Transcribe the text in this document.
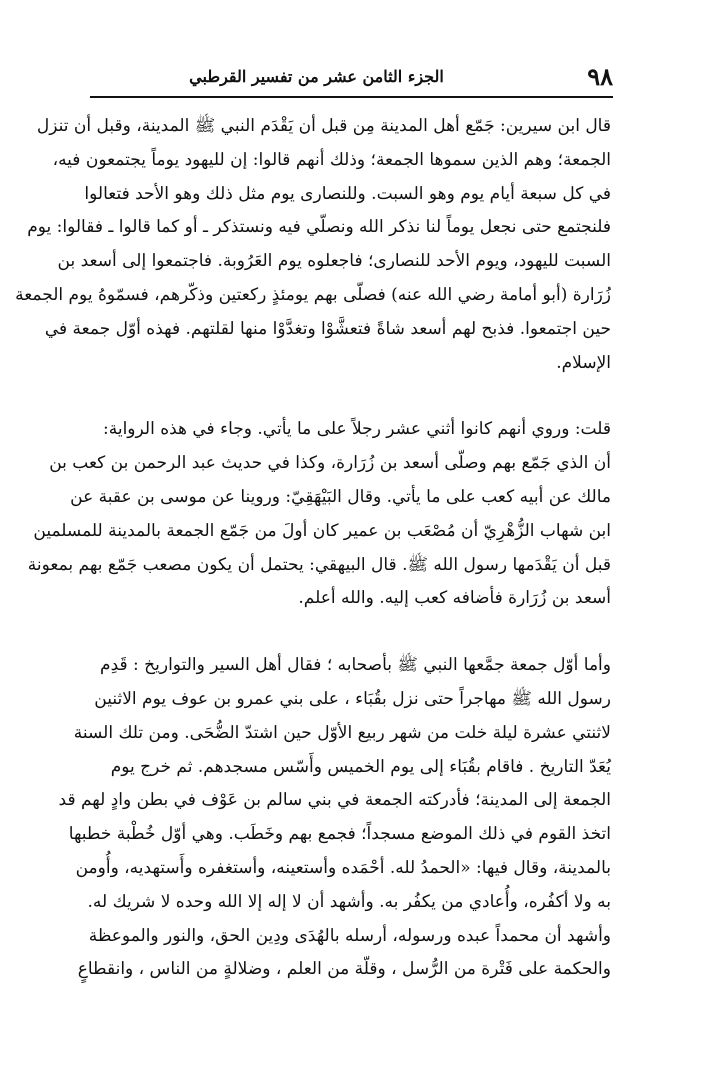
٩٨
الجزء الثامن عشر من تفسير القرطبي

قال ابن سيرين: جَمّع أهل المدينة مِن قبل أن يَقْدَم النبي ﷺ المدينة، وقبل أن تنزل
الجمعة؛ وهم الذين سموها الجمعة؛ وذلك أنهم قالوا: إن لليهود يوماً يجتمعون فيه،
في كل سبعة أيام يوم وهو السبت. وللنصارى يوم مثل ذلك وهو الأحد فتعالوا
فلنجتمع حتى نجعل يوماً لنا نذكر الله ونصلّي فيه ونستذكر ـ أو كما قالوا ـ فقالوا: يوم
السبت لليهود، ويوم الأحد للنصارى؛ فاجعلوه يوم العَرُوبة. فاجتمعوا إلى أسعد بن
زُرَارة (أبو أمامة رضي الله عنه) فصلّى بهم يومئذٍ ركعتين وذكّرهم، فسمّوهُ يوم الجمعة
حين اجتمعوا. فذبح لهم أسعد شاةً فتعشَّوْا وتغدَّوْا منها لقلتهم. فهذه أوّل جمعة في
الإسلام.

قلت: وروي أنهم كانوا أثني عشر رجلاً على ما يأتي. وجاء في هذه الرواية:
أن الذي جَمّع بهم وصلّى أسعد بن زُرَارة، وكذا في حديث عبد الرحمن بن كعب بن
مالك عن أبيه كعب على ما يأتي. وقال البَيْهَقِيّ: وروينا عن موسى بن عقبة عن
ابن شهاب الزُّهْرِيّ أن مُصْعَب بن عمير كان أولَ من جَمّع الجمعة بالمدينة للمسلمين
قبل أن يَقْدَمها رسول الله ﷺ. قال البيهقي: يحتمل أن يكون مصعب جَمّع بهم بمعونة
أسعد بن زُرَارة فأضافه كعب إليه. والله أعلم.

وأما أوّل جمعة جمَّعها النبي ﷺ بأصحابه ؛ فقال أهل السير والتواريخ : قَدِم
رسول الله ﷺ مهاجراً حتى نزل بقُبَاء ، على بني عمرو بن عوف يوم الاثنين
لاثنتي عشرة ليلة خلت من شهر ربيع الأوّل حين اشتدّ الضُّحَى. ومن تلك السنة
يُعَدّ التاريخ . فاقام بقُبَاء إلى يوم الخميس وأَسّس مسجدهم. ثم خرج يوم
الجمعة إلى المدينة؛ فأدركته الجمعة في بني سالم بن عَوْف في بطن وادٍ لهم قد
اتخذ القوم في ذلك الموضع مسجداً؛ فجمع بهم وخَطَب. وهي أوّل خُطْبة خطبها
بالمدينة، وقال فيها: «الحمدُ لله. أحْمَده وأستعينه، وأستغفره وأَستهديه، وأُومن
به ولا أكفُره، وأُعادي من يكفُر به. وأشهد أن لا إله إلا الله وحده لا شريك له.
وأشهد أن محمداً عبده ورسوله، أرسله بالهُدَى ودِين الحق، والنور والموعظة
والحكمة على فَتْرة من الرُّسل ، وقلّة من العلم ، وضلالةٍ من الناس ، وانقطاعٍ
